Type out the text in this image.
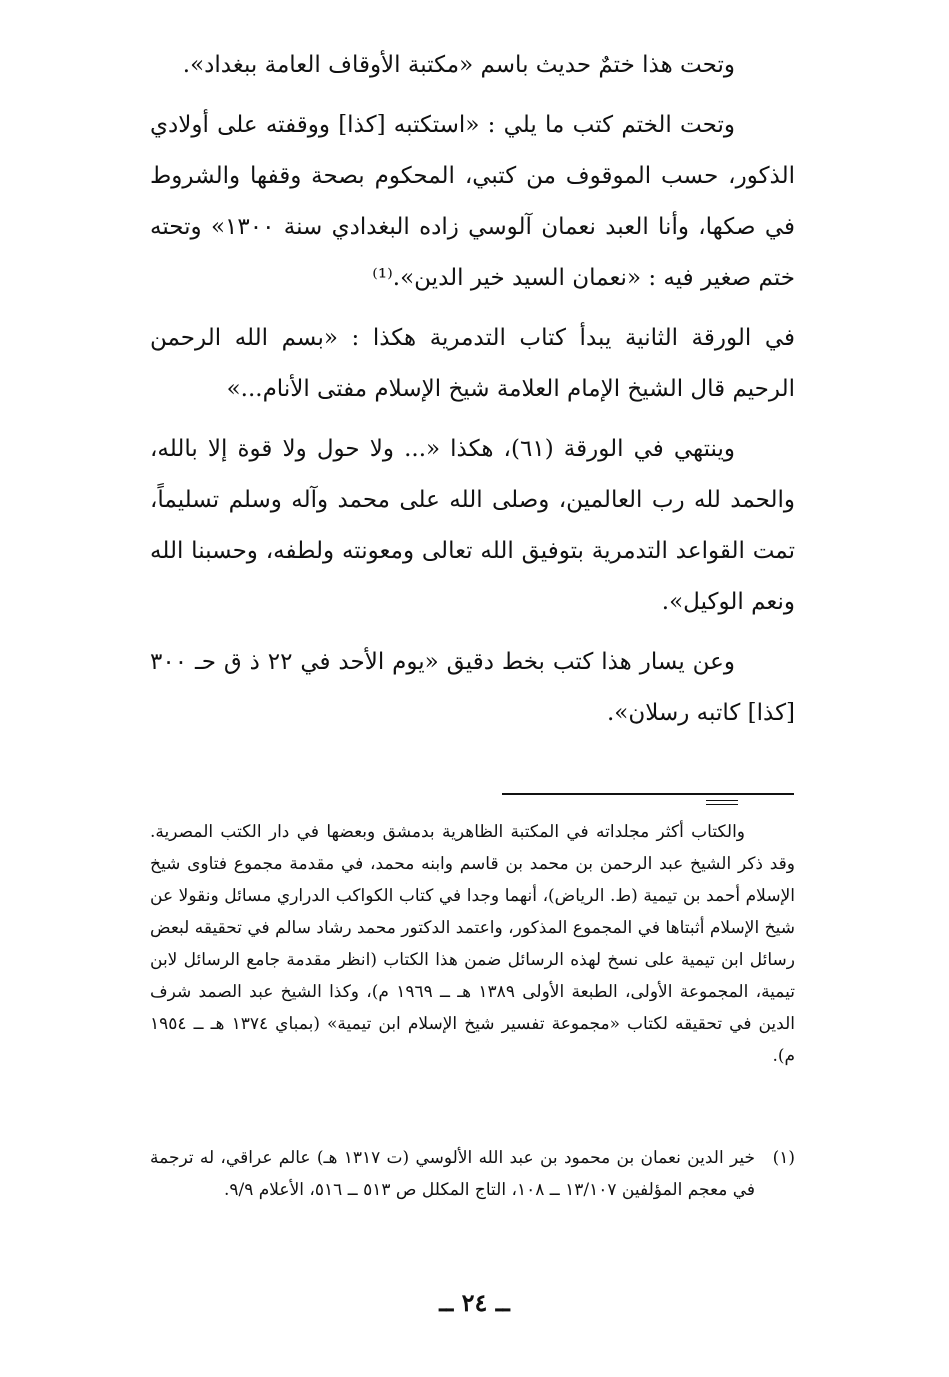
وتحت هذا ختمٌ حديث باسم «مكتبة الأوقاف العامة ببغداد».

وتحت الختم كتب ما يلي : «استكتبه [كذا] ووقفته على أولادي الذكور، حسب الموقوف من كتبي، المحكوم بصحة وقفها والشروط في صكها، وأنا العبد نعمان آلوسي زاده البغدادي سنة ١٣٠٠» وتحته ختم صغير فيه : «نعمان السيد خير الدين».⁽¹⁾

في الورقة الثانية يبدأ كتاب التدمرية هكذا : «بسم الله الرحمن الرحيم قال الشيخ الإمام العلامة شيخ الإسلام مفتى الأنام...»

وينتهي في الورقة (٦١)، هكذا «... ولا حول ولا قوة إلا بالله، والحمد لله رب العالمين، وصلى الله على محمد وآله وسلم تسليماً، تمت القواعد التدمرية بتوفيق الله تعالى ومعونته ولطفه، وحسبنا الله ونعم الوكيل».

وعن يسار هذا كتب بخط دقيق «يوم الأحد في ٢٢ ذ ق حـ ٣٠٠ [كذا] كاتبه رسلان».

والكتاب أكثر مجلداته في المكتبة الظاهرية بدمشق وبعضها في دار الكتب المصرية. وقد ذكر الشيخ عبد الرحمن بن محمد بن قاسم وابنه محمد، في مقدمة مجموع فتاوى شيخ الإسلام أحمد بن تيمية (ط. الرياض)، أنهما وجدا في كتاب الكواكب الدراري مسائل ونقولا عن شيخ الإسلام أثبتاها في المجموع المذكور، واعتمد الدكتور محمد رشاد سالم في تحقيقه لبعض رسائل ابن تيمية على نسخ لهذه الرسائل ضمن هذا الكتاب (انظر مقدمة جامع الرسائل لابن تيمية، المجموعة الأولى، الطبعة الأولى ١٣٨٩ هـ ــ ١٩٦٩ م)، وكذا الشيخ عبد الصمد شرف الدين في تحقيقه لكتاب «مجموعة تفسير شيخ الإسلام ابن تيمية» (بمباي ١٣٧٤ هـ ــ ١٩٥٤ م).

(١)
خير الدين نعمان بن محمود بن عبد الله الألوسي (ت ١٣١٧ هـ) عالم عراقي، له ترجمة في معجم المؤلفين ١٣/١٠٧ ــ ١٠٨، التاج المكلل ص ٥١٣ ــ ٥١٦، الأعلام ٩/٩.
ــ ٢٤ ــ
